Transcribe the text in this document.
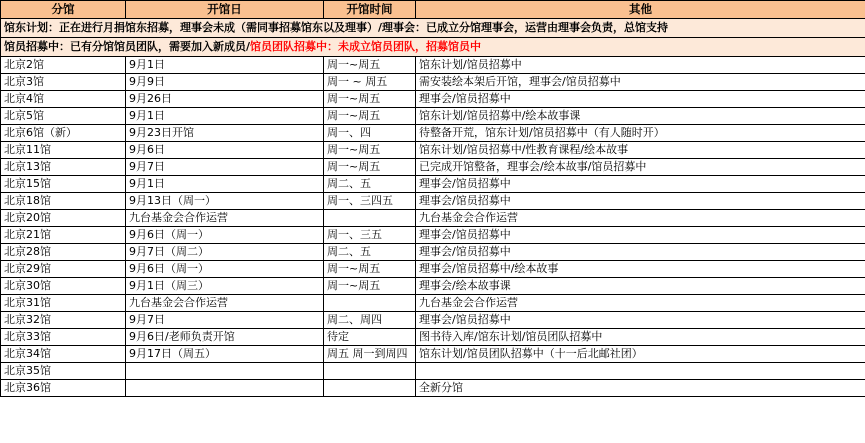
分馆	开馆日	开馆时间	其他
馆东计划：正在进行月捐馆东招募，理事会未成（需同事招募馆东以及理事）/理事会：已成立分馆理事会，运营由理事会负责，总馆支持			
馆员招募中：已有分馆馆员团队，需要加入新成员/馆员团队招募中：未成立馆员团队，招募馆员中			
北京2馆	9月1日	周一~周五	馆东计划/馆员招募中
北京3馆	9月9日	周一 ~ 周五	需安装绘本架后开馆，理事会/馆员招募中
北京4馆	9月26日	周一~周五	理事会/馆员招募中
北京5馆	9月1日	周一~周五	馆东计划/馆员招募中/绘本故事课
北京6馆（新）	9月23日开馆	周一、四	待整备开荒，馆东计划/馆员招募中（有人随时开）
北京11馆	9月6日	周一~周五	馆东计划/馆员招募中/性教育课程/绘本故事
北京13馆	9月7日	周一~周五	已完成开馆整备，理事会/绘本故事/馆员招募中
北京15馆	9月1日	周二、五	理事会/馆员招募中
北京18馆	9月13日（周一）	周一、三四五	理事会/馆员招募中
北京20馆	九台基金会合作运营		九台基金会合作运营
北京21馆	9月6日（周一）	周一、三五	理事会/馆员招募中
北京28馆	9月7日（周二）	周二、五	理事会/馆员招募中
北京29馆	9月6日（周一）	周一~周五	理事会/馆员招募中/绘本故事
北京30馆	9月1日（周三）	周一~周五	理事会/绘本故事课
北京31馆	九台基金会合作运营		九台基金会合作运营
北京32馆	9月7日	周二、周四	理事会/馆员招募中
北京33馆	9月6日/老师负责开馆	待定	图书待入库/馆东计划/馆员团队招募中
北京34馆	9月17日（周五）	周五 周一到周四	馆东计划/馆员团队招募中（十一后北邮社团）
北京35馆			
北京36馆			全新分馆
